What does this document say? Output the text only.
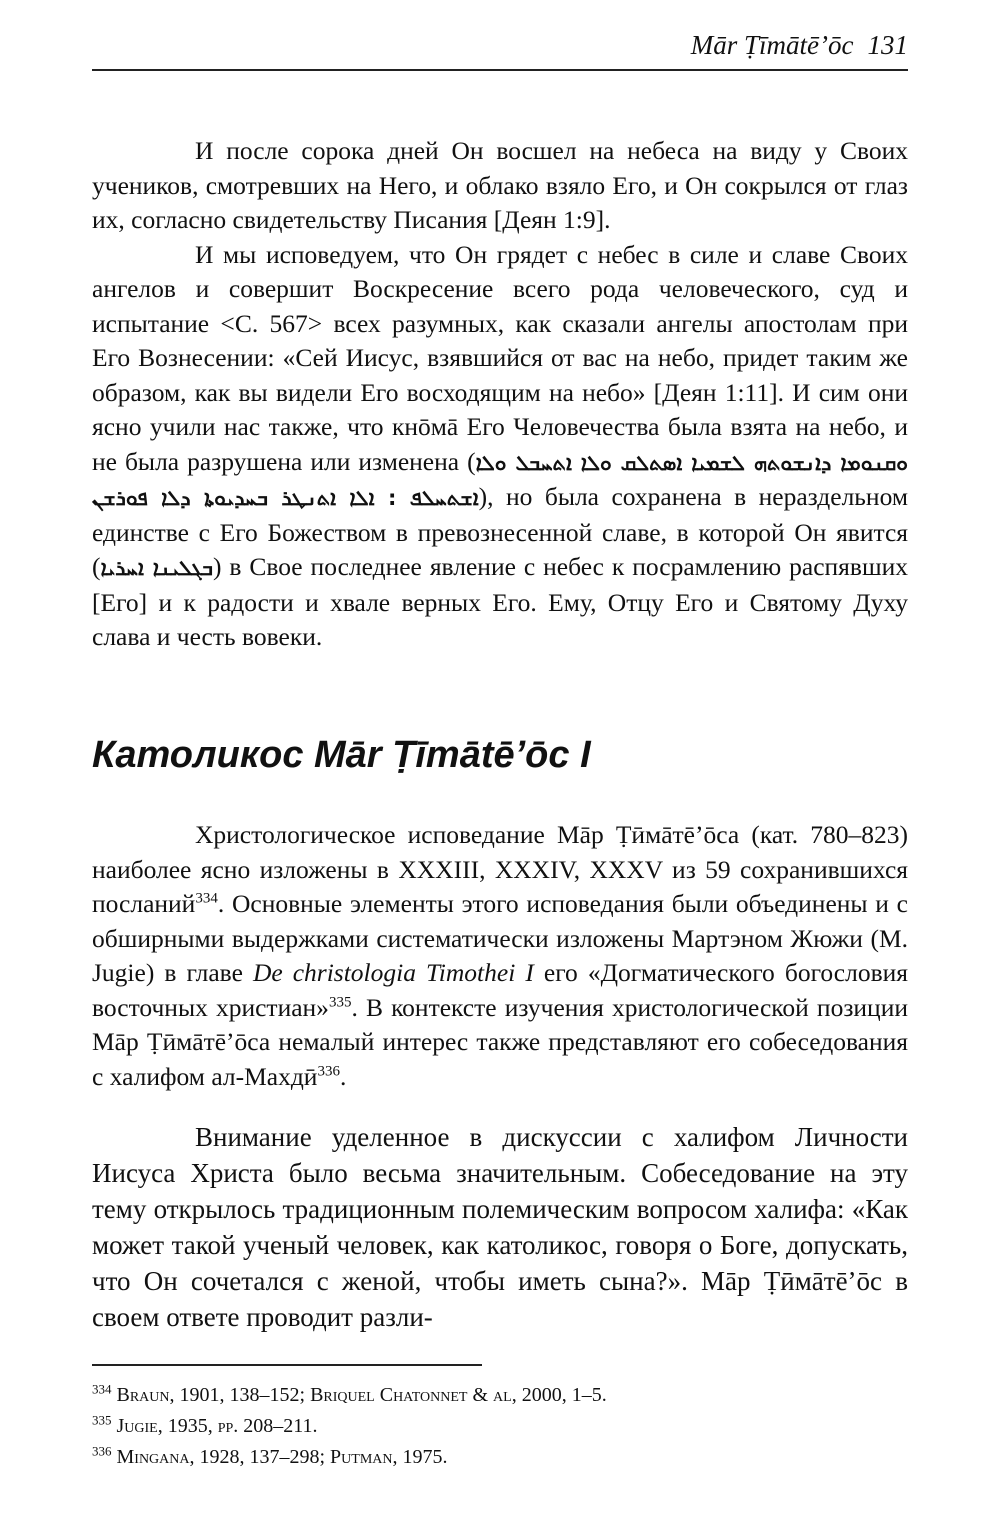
Mār Ṭīmātē’ōc 131

И после сорока дней Он восшел на небеса на виду у Своих учеников, смотревших на Него, и облако взяло Его, и Он сокрылся от глаз их, согласно свидетельству Писания [Деян 1:9].

И мы исповедуем, что Он грядет с небес в силе и славе Своих ангелов и совершит Воскресение всего рода человеческого, суд и испытание <С. 567> всех разумных, как сказали ангелы апостолам при Его Вознесении: «Сей Иисус, взявшийся от вас на небо, придет таким же образом, как вы видели Его восходящим на небо» [Деян 1:11]. И сим они ясно учили нас также, что кнōмā Его Человечества была взята на небо, и не была разрушена или изменена (ܘܩܢܘܡܐ ܕܐܢܫܘܬܗ ܠܫܡܝܐ ܐܣܬܠܩ ܘܠܐ ܐܬܚܒܠ ܘܠܐ ܐܫܬܚܠܦ : ܐܠܐ ܐܬܢܛܪ ܒܚܕܝܘܬܐ ܕܠܐ ܦܘܪܫܢ), но была сохранена в нераздельном единстве с Его Божеством в превознесенной славе, в которой Он явится (ܒܓܠܝܢܐ ܐܚܪܝܐ) в Свое последнее явление с небес к посрамлению распявших [Его] и к радости и хвале верных Его. Ему, Отцу Его и Святому Духу слава и честь вовеки.

Католикос Mār Ṭīmātē’ōc I

Христологическое исповедание Мāр Ṭӣмāтē’ōса (кат. 780–823) наиболее ясно изложены в XXXIII, XXXIV, XXXV из 59 сохранившихся посланий$^{334}$. Основные элементы этого исповедания были объединены и с обширными выдержками систематически изложены Мартэном Жюжи (M. Jugie) в главе De christologia Timothei I его «Догматического богословия восточных христиан»$^{335}$. В контексте изучения христологической позиции Мāр Ṭӣмāтē’ōса немалый интерес также представляют его собеседования с халифом ал-Махдӣ$^{336}$.

Внимание уделенное в дискуссии с халифом Личности Иисуса Христа было весьма значительным. Собеседование на эту тему открылось традиционным полемическим вопросом халифа: «Как может такой ученый человек, как католикос, говоря о Боге, допускать, что Он сочетался с женой, чтобы иметь сына?». Мāр Ṭӣмāтē’ōс в своем ответе проводит разли-

$^{334}$ Braun, 1901, 138–152; Briquel Chatonnet & al, 2000, 1–5.
$^{335}$ Jugie, 1935, pp. 208–211.
$^{336}$ Mingana, 1928, 137–298; Putman, 1975.
